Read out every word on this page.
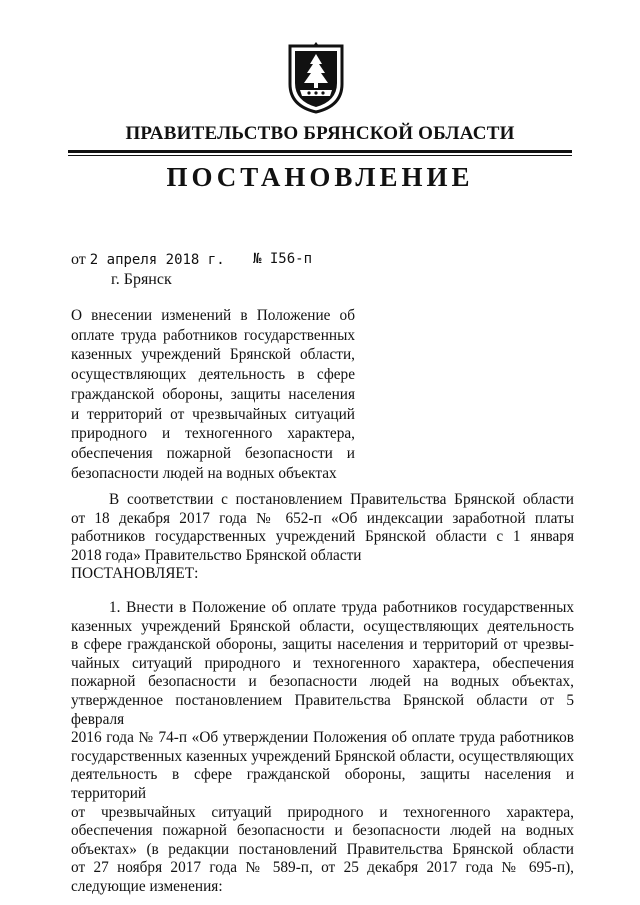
ПРАВИТЕЛЬСТВО БРЯНСКОЙ ОБЛАСТИ
ПОСТАНОВЛЕНИЕ
от 2 апреля 2018 г. № I56-п
г. Брянск
О внесении изменений в Положение об
оплате труда работников государственных
казенных учреждений Брянской области,
осуществляющих деятельность в сфере
гражданской обороны, защиты населения
и территорий от чрезвычайных ситуаций
природного и техногенного характера,
обеспечения пожарной безопасности и
безопасности людей на водных объектах
В соответствии с постановлением Правительства Брянской области
от 18 декабря 2017 года № 652-п «Об индексации заработной платы
работников государственных учреждений Брянской области с 1 января
2018 года» Правительство Брянской области
ПОСТАНОВЛЯЕТ:
1. Внести в Положение об оплате труда работников государственных
казенных учреждений Брянской области, осуществляющих деятельность
в сфере гражданской обороны, защиты населения и территорий от чрезвы-
чайных ситуаций природного и техногенного характера, обеспечения
пожарной безопасности и безопасности людей на водных объектах,
утвержденное постановлением Правительства Брянской области от 5 февраля
2016 года № 74-п «Об утверждении Положения об оплате труда работников
государственных казенных учреждений Брянской области, осуществляющих
деятельность в сфере гражданской обороны, защиты населения и территорий
от чрезвычайных ситуаций природного и техногенного характера,
обеспечения пожарной безопасности и безопасности людей на водных
объектах» (в редакции постановлений Правительства Брянской области
от 27 ноября 2017 года № 589-п, от 25 декабря 2017 года № 695-п),
следующие изменения:
